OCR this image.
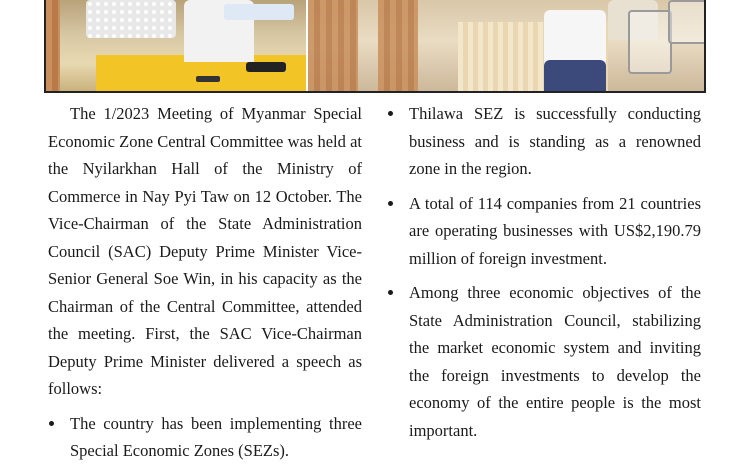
The 1/2023 Meeting of Myanmar Special Economic Zone Central Committee was held at the Nyilarkhan Hall of the Ministry of Commerce in Nay Pyi Taw on 12 October. The Vice-Chairman of the State Administration Council (SAC) Deputy Prime Minister Vice-Senior General Soe Win, in his capacity as the Chairman of the Central Committee, attended the meeting. First, the SAC Vice-Chairman Deputy Prime Minister delivered a speech as follows:

The country has been implementing three Special Economic Zones (SEZs).
Thilawa SEZ is successfully conducting business and is standing as a renowned zone in the region.
A total of 114 companies from 21 countries are operating businesses with US$2,190.79 million of foreign investment.
Among three economic objectives of the State Administration Council, stabilizing the market economic system and inviting the foreign investments to develop the economy of the entire people is the most important.
